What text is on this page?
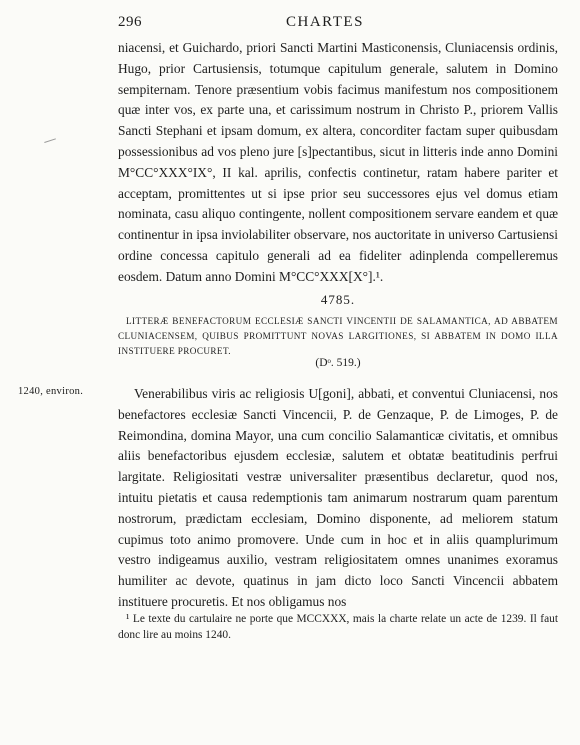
296	CHARTES

niacensi, et Guichardo, priori Sancti Martini Masticonensis, Cluniacensis ordinis, Hugo, prior Cartusiensis, totumque capitulum generale, salutem in Domino sempiternam. Tenore præsentium vobis facimus manifestum nos compositionem quæ inter vos, ex parte una, et carissimum nostrum in Christo P., priorem Vallis Sancti Stephani et ipsam domum, ex altera, concorditer factam super quibusdam possessionibus ad vos pleno jure [s]pectantibus, sicut in litteris inde anno Domini M°CC°XXX°IX°, II kal. aprilis, confectis continetur, ratam habere pariter et acceptam, promittentes ut si ipse prior seu successores ejus vel domus etiam nominata, casu aliquo contingente, nollent compositionem servare eandem et quæ continentur in ipsa inviolabiliter observare, nos auctoritate in universo Cartusiensi ordine concessa capitulo generali ad ea fideliter adinplenda compelleremus eosdem. Datum anno Domini M°CC°XXX[X°].¹.

4785.

LITTERÆ BENEFACTORUM ECCLESIÆ SANCTI VINCENTII DE SALAMANTICA, AD ABBATEM CLUNIACENSEM, QUIBUS PROMITTUNT NOVAS LARGITIONES, SI ABBATEM IN DOMO ILLA INSTITUERE PROCURET.

(Dᵒ. 519.)
1240, environ.	Venerabilibus viris ac religiosis U[goni], abbati, et conventui Cluniacensi, nos benefactores ecclesiæ Sancti Vincencii, P. de Genzaque, P. de Limoges, P. de Reimondina, domina Mayor, una cum concilio Salamanticæ civitatis, et omnibus aliis benefactoribus ejusdem ecclesiæ, salutem et obtatæ beatitudinis perfrui largitate. Religiositati vestræ universaliter præsentibus declaretur, quod nos, intuitu pietatis et causa redemptionis tam animarum nostrarum quam parentum nostrorum, prædictam ecclesiam, Domino disponente, ad meliorem statum cupimus toto animo promovere. Unde cum in hoc et in aliis quamplurimum vestro indigeamus auxilio, vestram religiositatem omnes unanimes exoramus humiliter ac devote, quatinus in jam dicto loco Sancti Vincencii abbatem instituere procuretis. Et nos obligamus nos

¹ Le texte du cartulaire ne porte que MCCXXX, mais la charte relate un acte de 1239. Il faut donc lire au moins 1240.
